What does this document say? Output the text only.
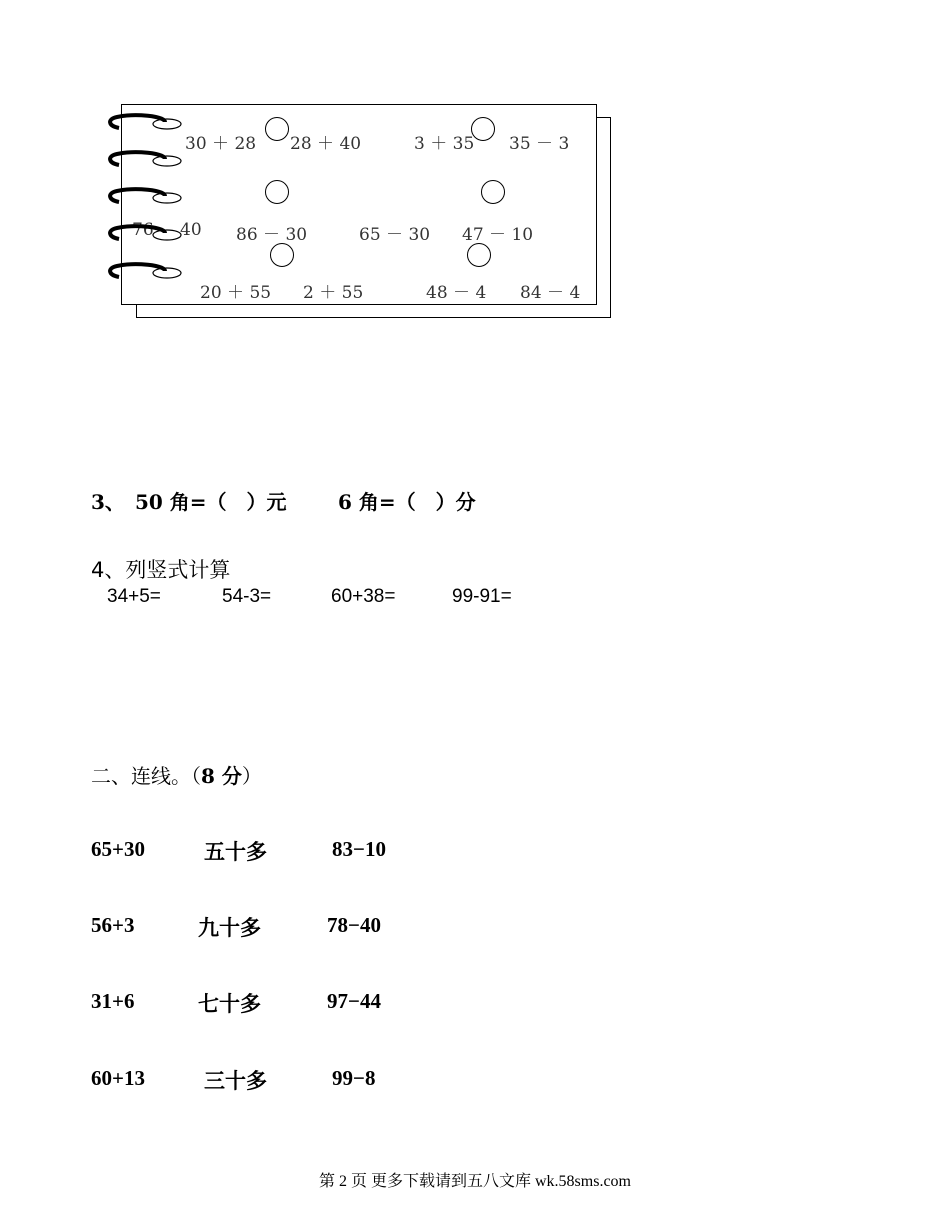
30 ＋ 28 28 ＋ 40	3 ＋ 35 35 － 3
76 40 86 － 30	65 － 30 47 － 10
20 ＋ 55 2 ＋ 55	48 － 4 84 － 4
3、 50 角=（　）元	6 角=（　）分
4、列竖式计算
34+5=	54-3=	60+38=	99-91=
二、连线。（8 分）
65+30	五十多	83−10
56+3	九十多	78−40
31+6	七十多	97−44
60+13	三十多	99−8
第 2 页 更多下载请到五八文库 wk.58sms.com
